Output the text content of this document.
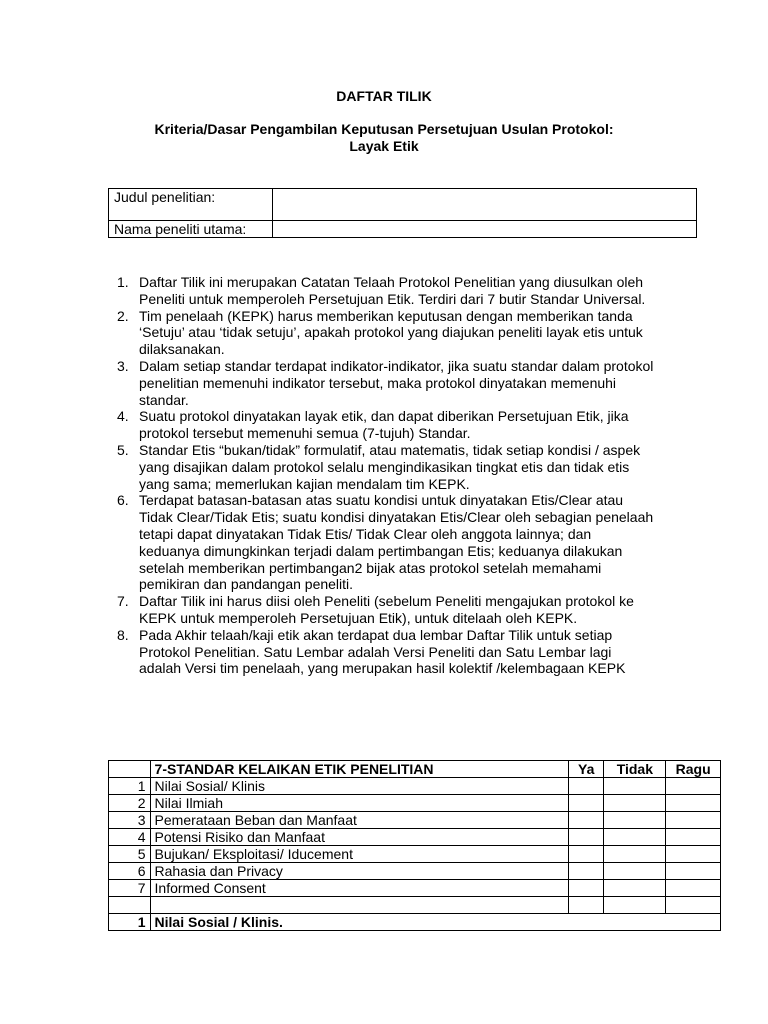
DAFTAR TILIK
Kriteria/Dasar Pengambilan Keputusan Persetujuan Usulan Protokol:
Layak Etik
Judul penelitian:	
Nama peneliti utama:	
1. Daftar Tilik ini merupakan Catatan Telaah Protokol Penelitian yang diusulkan oleh Peneliti untuk memperoleh Persetujuan Etik. Terdiri dari 7 butir Standar Universal.
2. Tim penelaah (KEPK) harus memberikan keputusan dengan memberikan tanda ‘Setuju’ atau ‘tidak setuju’, apakah protokol yang diajukan peneliti layak etis untuk dilaksanakan.
3. Dalam setiap standar terdapat indikator-indikator, jika suatu standar dalam protokol penelitian memenuhi indikator tersebut, maka protokol dinyatakan memenuhi standar.
4. Suatu protokol dinyatakan layak etik, dan dapat diberikan Persetujuan Etik, jika protokol tersebut memenuhi semua (7-tujuh) Standar.
5. Standar Etis “bukan/tidak” formulatif, atau matematis, tidak setiap kondisi / aspek yang disajikan dalam protokol selalu mengindikasikan tingkat etis dan tidak etis yang sama; memerlukan kajian mendalam tim KEPK.
6. Terdapat batasan-batasan atas suatu kondisi untuk dinyatakan Etis/Clear atau Tidak Clear/Tidak Etis; suatu kondisi dinyatakan Etis/Clear oleh sebagian penelaah tetapi dapat dinyatakan Tidak Etis/ Tidak Clear oleh anggota lainnya; dan keduanya dimungkinkan terjadi dalam pertimbangan Etis; keduanya dilakukan setelah memberikan pertimbangan2 bijak atas protokol setelah memahami pemikiran dan pandangan peneliti.
7. Daftar Tilik ini harus diisi oleh Peneliti (sebelum Peneliti mengajukan protokol ke KEPK untuk memperoleh Persetujuan Etik), untuk ditelaah oleh KEPK.
8. Pada Akhir telaah/kaji etik akan terdapat dua lembar Daftar Tilik untuk setiap Protokol Penelitian. Satu Lembar adalah Versi Peneliti dan Satu Lembar lagi adalah Versi tim penelaah, yang merupakan hasil kolektif /kelembagaan KEPK
	7-STANDAR KELAIKAN ETIK PENELITIAN	Ya	Tidak	Ragu
1	Nilai Sosial/ Klinis			
2	Nilai Ilmiah			
3	Pemerataan Beban dan Manfaat			
4	Potensi Risiko dan Manfaat			
5	Bujukan/ Eksploitasi/ Iducement			
6	Rahasia dan Privacy			
7	Informed Consent			

1	Nilai Sosial / Klinis.			
